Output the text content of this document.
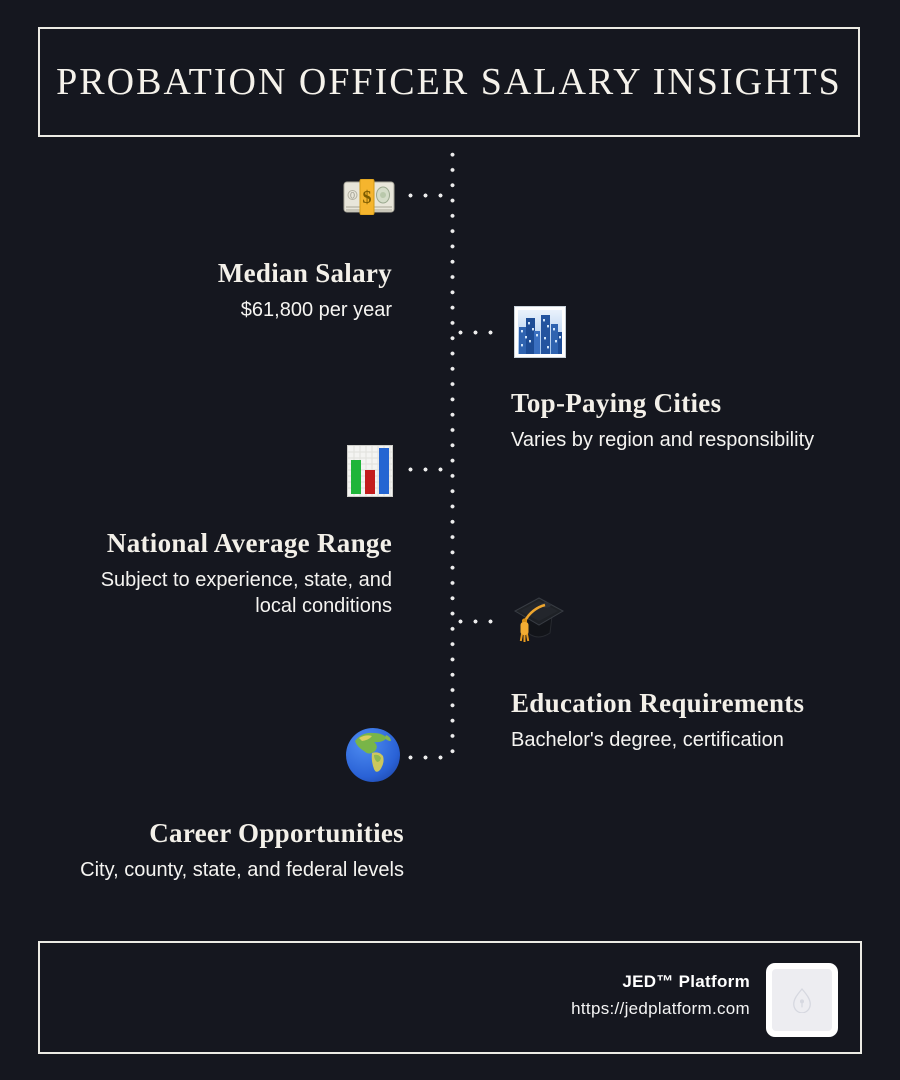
PROBATION OFFICER SALARY INSIGHTS
0 $
Median Salary

$61,800 per year

Top-Paying Cities

Varies by region and responsibility

National Average Range

Subject to experience, state, and local conditions

Education Requirements

Bachelor's degree, certification

Career Opportunities

City, county, state, and federal levels

JED™ Platform

https://jedplatform.com
